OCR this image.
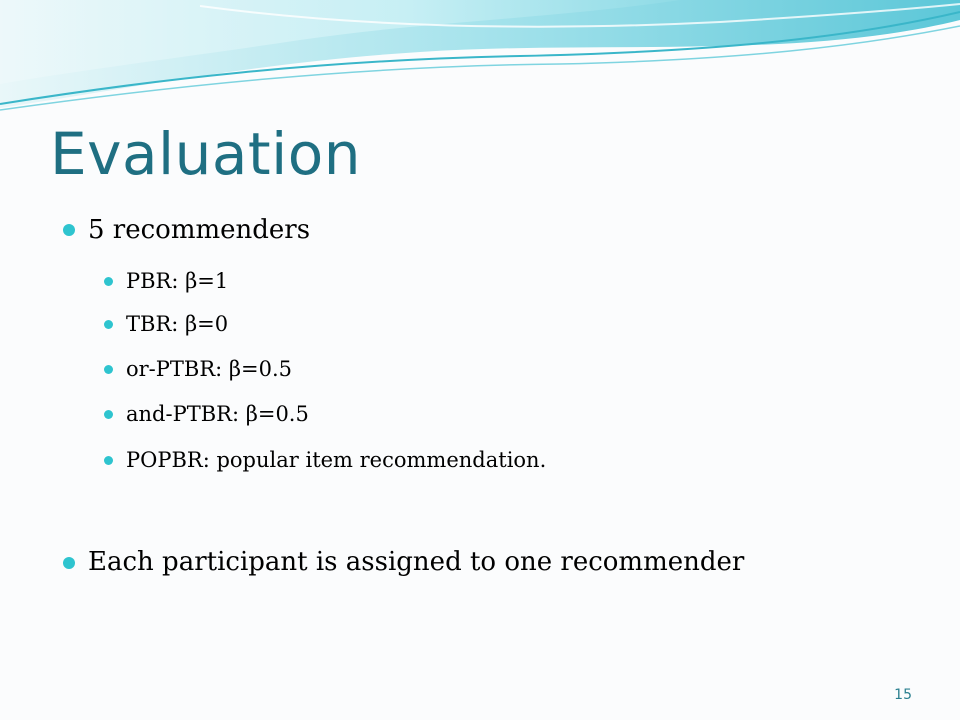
Evaluation
5 recommenders
PBR: β=1
TBR: β=0
or-PTBR: β=0.5
and-PTBR: β=0.5
POPBR: popular item recommendation.
Each participant is assigned to one recommender
15
